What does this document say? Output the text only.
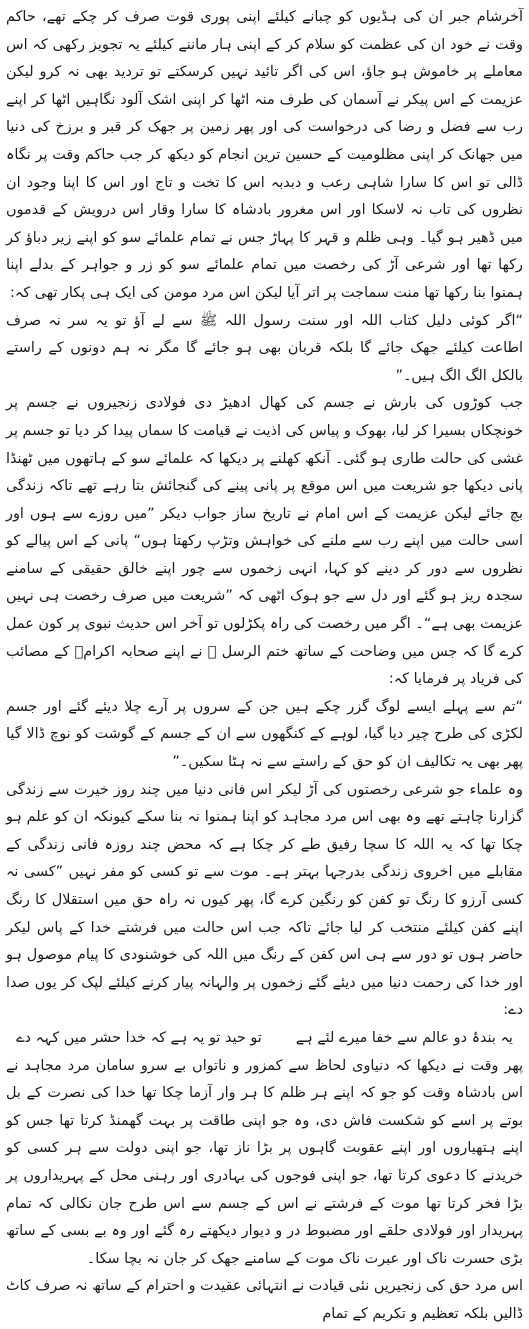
آخرشام جبر ان کی ہڈیوں کو چبانے کیلئے اپنی پوری قوت صرف کر چکے تھے، حاکم وقت نے خود ان کی عظمت کو سلام کر کے اپنی ہار ماننے کیلئے یہ تجویز رکھی کہ اس معاملے پر خاموش ہو جاؤ، اس کی اگر تائید نہیں کرسکتے تو تردید بھی نہ کرو لیکن عزیمت کے اس پیکر نے آسمان کی طرف منہ اٹھا کر اپنی اشک آلود نگاہیں اٹھا کر اپنے رب سے فضل و رضا کی درخواست کی اور پھر زمین پر جھک کر قبر و برزخ کی دنیا میں جھانک کر اپنی مظلومیت کے حسین ترین انجام کو دیکھ کر جب حاکم وقت پر نگاہ ڈالی تو اس کا سارا شاہی رعب و دبدبہ اس کا تخت و تاج اور اس کا اپنا وجود ان نظروں کی تاب نہ لاسکا اور اس مغرور بادشاہ کا سارا وقار اس درویش کے قدموں میں ڈھیر ہو گیا۔ وہی ظلم و قہر کا پہاڑ جس نے تمام علمائے سو کو اپنے زیر دباؤ کر رکھا تھا اور شرعی آڑ کی رخصت میں تمام علمائے سو کو زر و جواہر کے بدلے اپنا ہمنوا بنا رکھا تھا منت سماجت پر اتر آیا لیکن اس مرد مومن کی ایک ہی پکار تھی کہ:

“اگر کوئی دلیل کتاب اللہ اور سنت رسول اللہ ﷺ سے لے آؤ تو یہ سر نہ صرف اطاعت کیلئے جھک جائے گا بلکہ قربان بھی ہو جائے گا مگر نہ ہم دونوں کے راستے بالکل الگ الگ ہیں۔”

جب کوڑوں کی بارش نے جسم کی کھال ادھیڑ دی فولادی زنجیروں نے جسم پر خونچکاں بسیرا کر لیا، بھوک و پیاس کی اذیت نے قیامت کا سماں پیدا کر دیا تو جسم پر غشی کی حالت طاری ہو گئی۔ آنکھ کھلنے پر دیکھا کہ علمائے سو کے ہاتھوں میں ٹھنڈا پانی دیکھا جو شریعت میں اس موقع پر پانی پینے کی گنجائش بتا رہے تھے تاکہ زندگی بچ جائے لیکن عزیمت کے اس امام نے تاریخ ساز جواب دیکر ”میں روزے سے ہوں اور اسی حالت میں اپنے رب سے ملنے کی خواہش وتڑپ رکھتا ہوں“ پانی کے اس پیالے کو نظروں سے دور کر دینے کو کہا، انہی زخموں سے چور اپنے خالق حقیقی کے سامنے سجدہ ریز ہو گئے اور دل سے جو ہوک اٹھی کہ ”شریعت میں صرف رخصت ہی نہیں عزیمت بھی ہے“۔ اگر میں رخصت کی راہ پکڑلوں تو آخر اس حدیث نبوی پر کون عمل کرے گا کہ جس میں وضاحت کے ساتھ ختم الرسل ﷺ نے اپنے صحابہ اکرامؓ کے مصائب کی فریاد پر فرمایا کہ:

“تم سے پہلے ایسے لوگ گزر چکے ہیں جن کے سروں پر آرے چلا دیئے گئے اور جسم لکڑی کی طرح چیر دیا گیا، لوہے کے کنگھوں سے ان کے جسم کے گوشت کو نوچ ڈالا گیا پھر بھی یہ تکالیف ان کو حق کے راستے سے نہ ہٹا سکیں۔”

وہ علماء جو شرعی رخصتوں کی آڑ لیکر اس فانی دنیا میں چند روز خیرت سے زندگی گزارنا چاہتے تھے وہ بھی اس مرد مجاہد کو اپنا ہمنوا نہ بنا سکے کیونکہ ان کو علم ہو چکا تھا کہ یہ اللہ کا سچا رفیق طے کر چکا ہے کہ محض چند روزہ فانی زندگی کے مقابلے میں اخروی زندگی بدرجہا بہتر ہے۔ موت سے تو کسی کو مفر نہیں ”کسی نہ کسی آرزو کا رنگ تو کفن کو رنگین کرے گا، پھر کیوں نہ راہ حق میں استقلال کا رنگ اپنے کفن کیلئے منتخب کر لیا جائے تاکہ جب اس حالت میں فرشتے خدا کے پاس لیکر حاضر ہوں تو دور سے ہی اس کفن کے رنگ میں اللہ کی خوشنودی کا پیام موصول ہو اور خدا کی رحمت دنیا میں دیئے گئے زخموں پر والہانہ پیار کرنے کیلئے لپک کر یوں صدا دے:

یہ بندۂ دو عالم سے خفا میرے لئے ہے
تو حید تو یہ ہے کہ خدا حشر میں کہہ دے

پھر وقت نے دیکھا کہ دنیاوی لحاظ سے کمزور و ناتواں بے سرو سامان مرد مجاہد نے اس بادشاہ وقت کو جو کہ اپنے ہر ظلم کا ہر وار آزما چکا تھا خدا کی نصرت کے بل بوتے پر اسے کو شکست فاش دی، وہ جو اپنی طاقت پر بہت گھمنڈ کرتا تھا جس کو اپنے ہتھیاروں اور اپنے عقوبت گاہوں پر بڑا ناز تھا، جو اپنی دولت سے ہر کسی کو خریدنے کا دعوی کرتا تھا، جو اپنی فوجوں کی بہادری اور رہنی محل کے پہریداروں پر بڑا فخر کرتا تھا موت کے فرشتے نے اس کے جسم سے اس طرح جان نکالی کہ تمام پہریدار اور فولادی حلقے اور مضبوط در و دیوار دیکھتے رہ گئے اور وہ بے بسی کے ساتھ بڑی حسرت ناک اور عبرت ناک موت کے سامنے جھک کر جان نہ بچا سکا۔

اس مرد حق کی زنجیریں نئی قیادت نے انتہائی عقیدت و احترام کے ساتھ نہ صرف کاٹ ڈالیں بلکہ تعظیم و تکریم کے تمام
